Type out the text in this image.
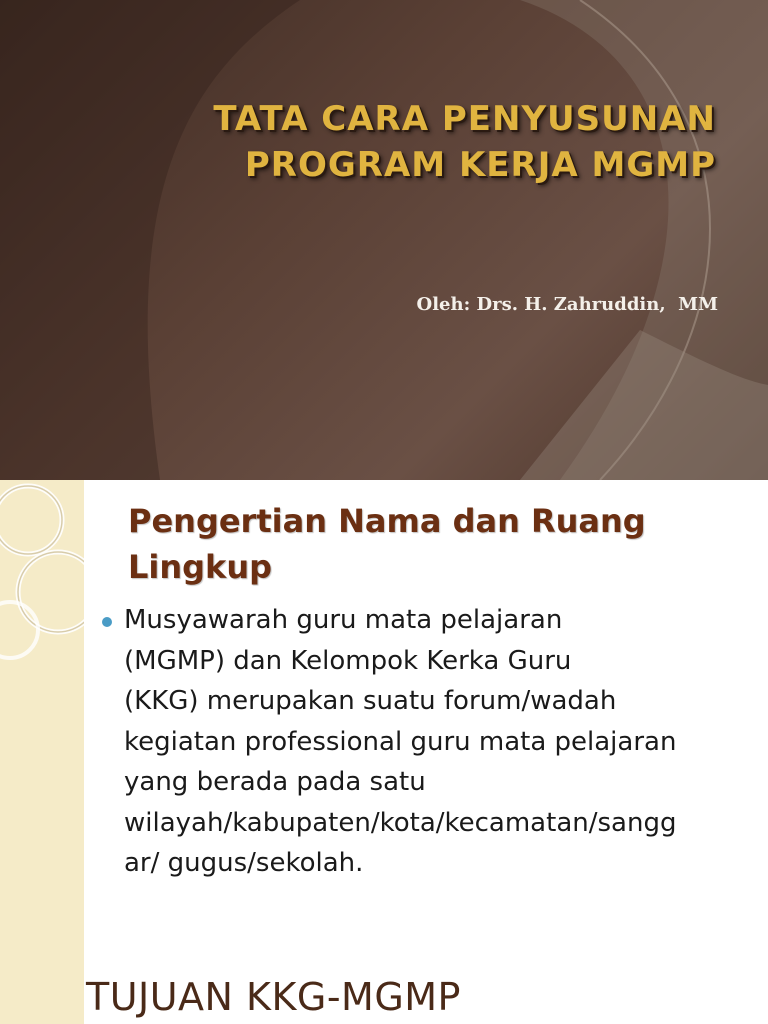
TATA CARA PENYUSUNAN
PROGRAM KERJA MGMP
Oleh: Drs. H. Zahruddin,  MM
Pengertian Nama dan Ruang
Lingkup
Musyawarah guru mata pelajaran
(MGMP) dan Kelompok Kerka Guru
(KKG) merupakan suatu forum/wadah
kegiatan professional guru mata pelajaran
yang berada pada satu
wilayah/kabupaten/kota/kecamatan/sangg
ar/ gugus/sekolah.
TUJUAN KKG-MGMP
